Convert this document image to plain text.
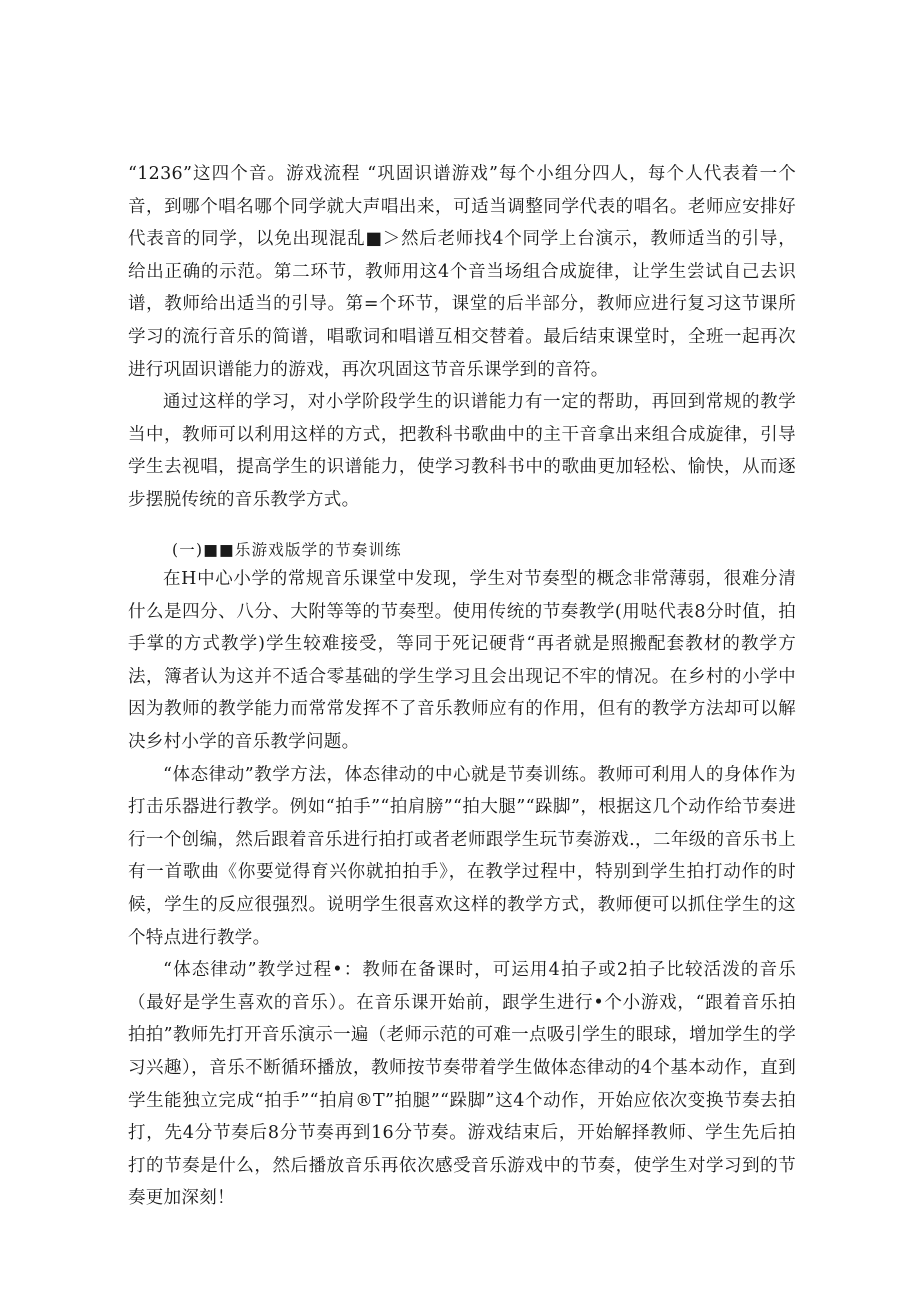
“1236”这四个音。游戏流程 “巩固识谱游戏”每个小组分四人，每个人代表着一个音，到哪个唱名哪个同学就大声唱出来，可适当调整同学代表的唱名。老师应安排好代表音的同学，以免出现混乱■＞然后老师找4个同学上台演示，教师适当的引导，给出正确的示范。第二环节，教师用这4个音当场组合成旋律，让学生尝试自己去识谱，教师给出适当的引导。第=个环节，课堂的后半部分，教师应进行复习这节课所学习的流行音乐的简谱，唱歌词和唱谱互相交替着。最后结束课堂时，全班一起再次进行巩固识谱能力的游戏，再次巩固这节音乐课学到的音符。

通过这样的学习，对小学阶段学生的识谱能力有一定的帮助，再回到常规的教学当中，教师可以利用这样的方式，把教科书歌曲中的主干音拿出来组合成旋律，引导学生去视唱，提高学生的识谱能力，使学习教科书中的歌曲更加轻松、愉快，从而逐步摆脱传统的音乐教学方式。

(一)■■乐游戏版学的节奏训练

在H中心小学的常规音乐课堂中发现，学生对节奏型的概念非常薄弱，很难分清什么是四分、八分、大附等等的节奏型。使用传统的节奏教学(用哒代表8分时值，拍手掌的方式教学)学生较难接受，等同于死记硬背“再者就是照搬配套教材的教学方法，簿者认为这并不适合零基础的学生学习且会出现记不牢的情况。在乡村的小学中因为教师的教学能力而常常发挥不了音乐教师应有的作用，但有的教学方法却可以解决乡村小学的音乐教学问题。

“体态律动”教学方法，体态律动的中心就是节奏训练。教师可利用人的身体作为打击乐器进行教学。例如“拍手”“拍肩膀”“拍大腿”“跺脚”，根据这几个动作给节奏进行一个创编，然后跟着音乐进行拍打或者老师跟学生玩节奏游戏.，二年级的音乐书上有一首歌曲《你要觉得育兴你就拍拍手》，在教学过程中，特别到学生拍打动作的时候，学生的反应很强烈。说明学生很喜欢这样的教学方式，教师便可以抓住学生的这个特点进行教学。

“体态律动”教学过程•：教师在备课时，可运用4拍子或2拍子比较活泼的音乐（最好是学生喜欢的音乐）。在音乐课开始前，跟学生进行•个小游戏，“跟着音乐拍拍拍”教师先打开音乐演示一遍（老师示范的可难一点吸引学生的眼球，增加学生的学习兴趣），音乐不断循环播放，教师按节奏带着学生做体态律动的4个基本动作，直到学生能独立完成“拍手”“拍肩®T”拍腿”“跺脚”这4个动作，开始应依次变换节奏去拍打，先4分节奏后8分节奏再到16分节奏。游戏结束后，开始解择教师、学生先后拍打的节奏是什么，然后播放音乐再依次感受音乐游戏中的节奏，使学生对学习到的节奏更加深刻！
